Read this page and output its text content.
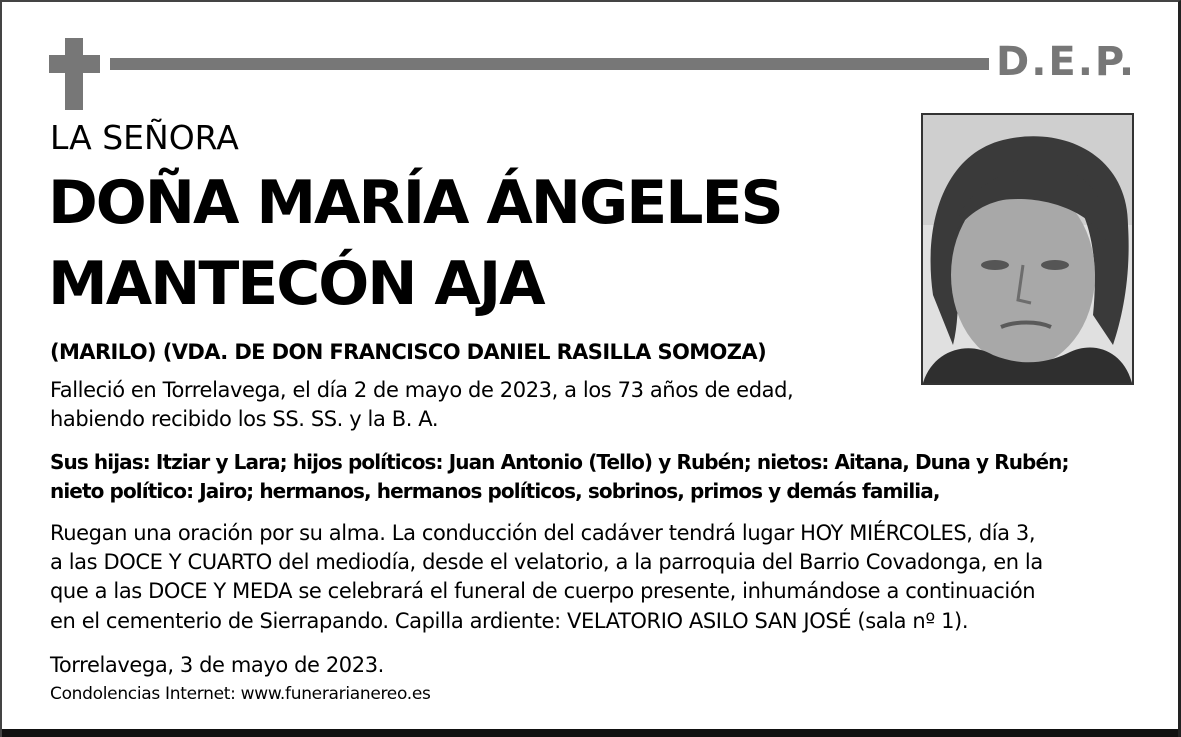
D.E.P.
LA SEÑORA
DOÑA MARÍA ÁNGELES
MANTECÓN AJA
(MARILO) (VDA. DE DON FRANCISCO DANIEL RASILLA SOMOZA)
Falleció en Torrelavega, el día 2 de mayo de 2023, a los 73 años de edad,
habiendo recibido los SS. SS. y la B. A.
Sus hijas: Itziar y Lara; hijos políticos: Juan Antonio (Tello) y Rubén; nietos: Aitana, Duna y Rubén;
nieto político: Jairo; hermanos, hermanos políticos, sobrinos, primos y demás familia,
Ruegan una oración por su alma. La conducción del cadáver tendrá lugar HOY MIÉRCOLES, día 3,
a las DOCE Y CUARTO del mediodía, desde el velatorio, a la parroquia del Barrio Covadonga, en la
que a las DOCE Y MEDA se celebrará el funeral de cuerpo presente, inhumándose a continuación
en el cementerio de Sierrapando. Capilla ardiente: VELATORIO ASILO SAN JOSÉ (sala nº 1).
Torrelavega, 3 de mayo de 2023.
Condolencias Internet: www.funerarianereo.es
